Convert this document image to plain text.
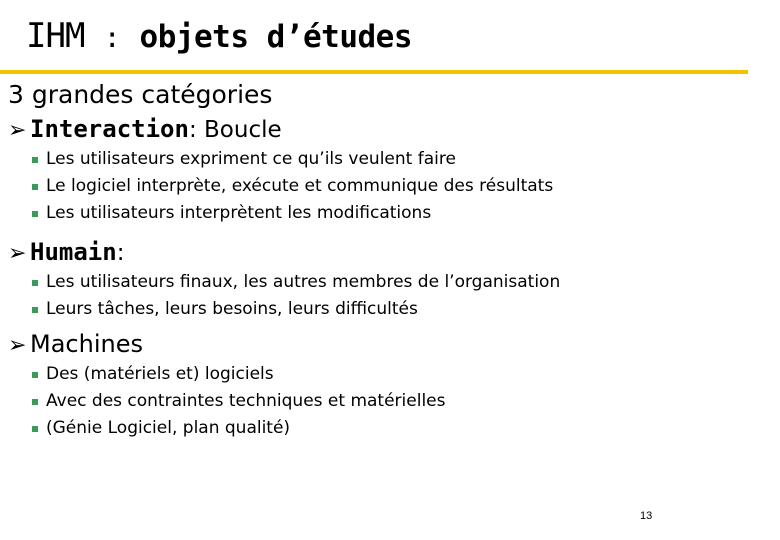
IHM : objets d’études
3 grandes catégories
➢ Interaction : Boucle
Les utilisateurs expriment ce qu’ils veulent faire
Le logiciel interprète, exécute et communique des résultats
Les utilisateurs interprètent les modifications
➢ Humain :
Les utilisateurs finaux, les autres membres de l’organisation
Leurs tâches, leurs besoins, leurs difficultés
➢ Machines
Des (matériels et) logiciels
Avec des contraintes techniques et matérielles
(Génie Logiciel, plan qualité)
13
